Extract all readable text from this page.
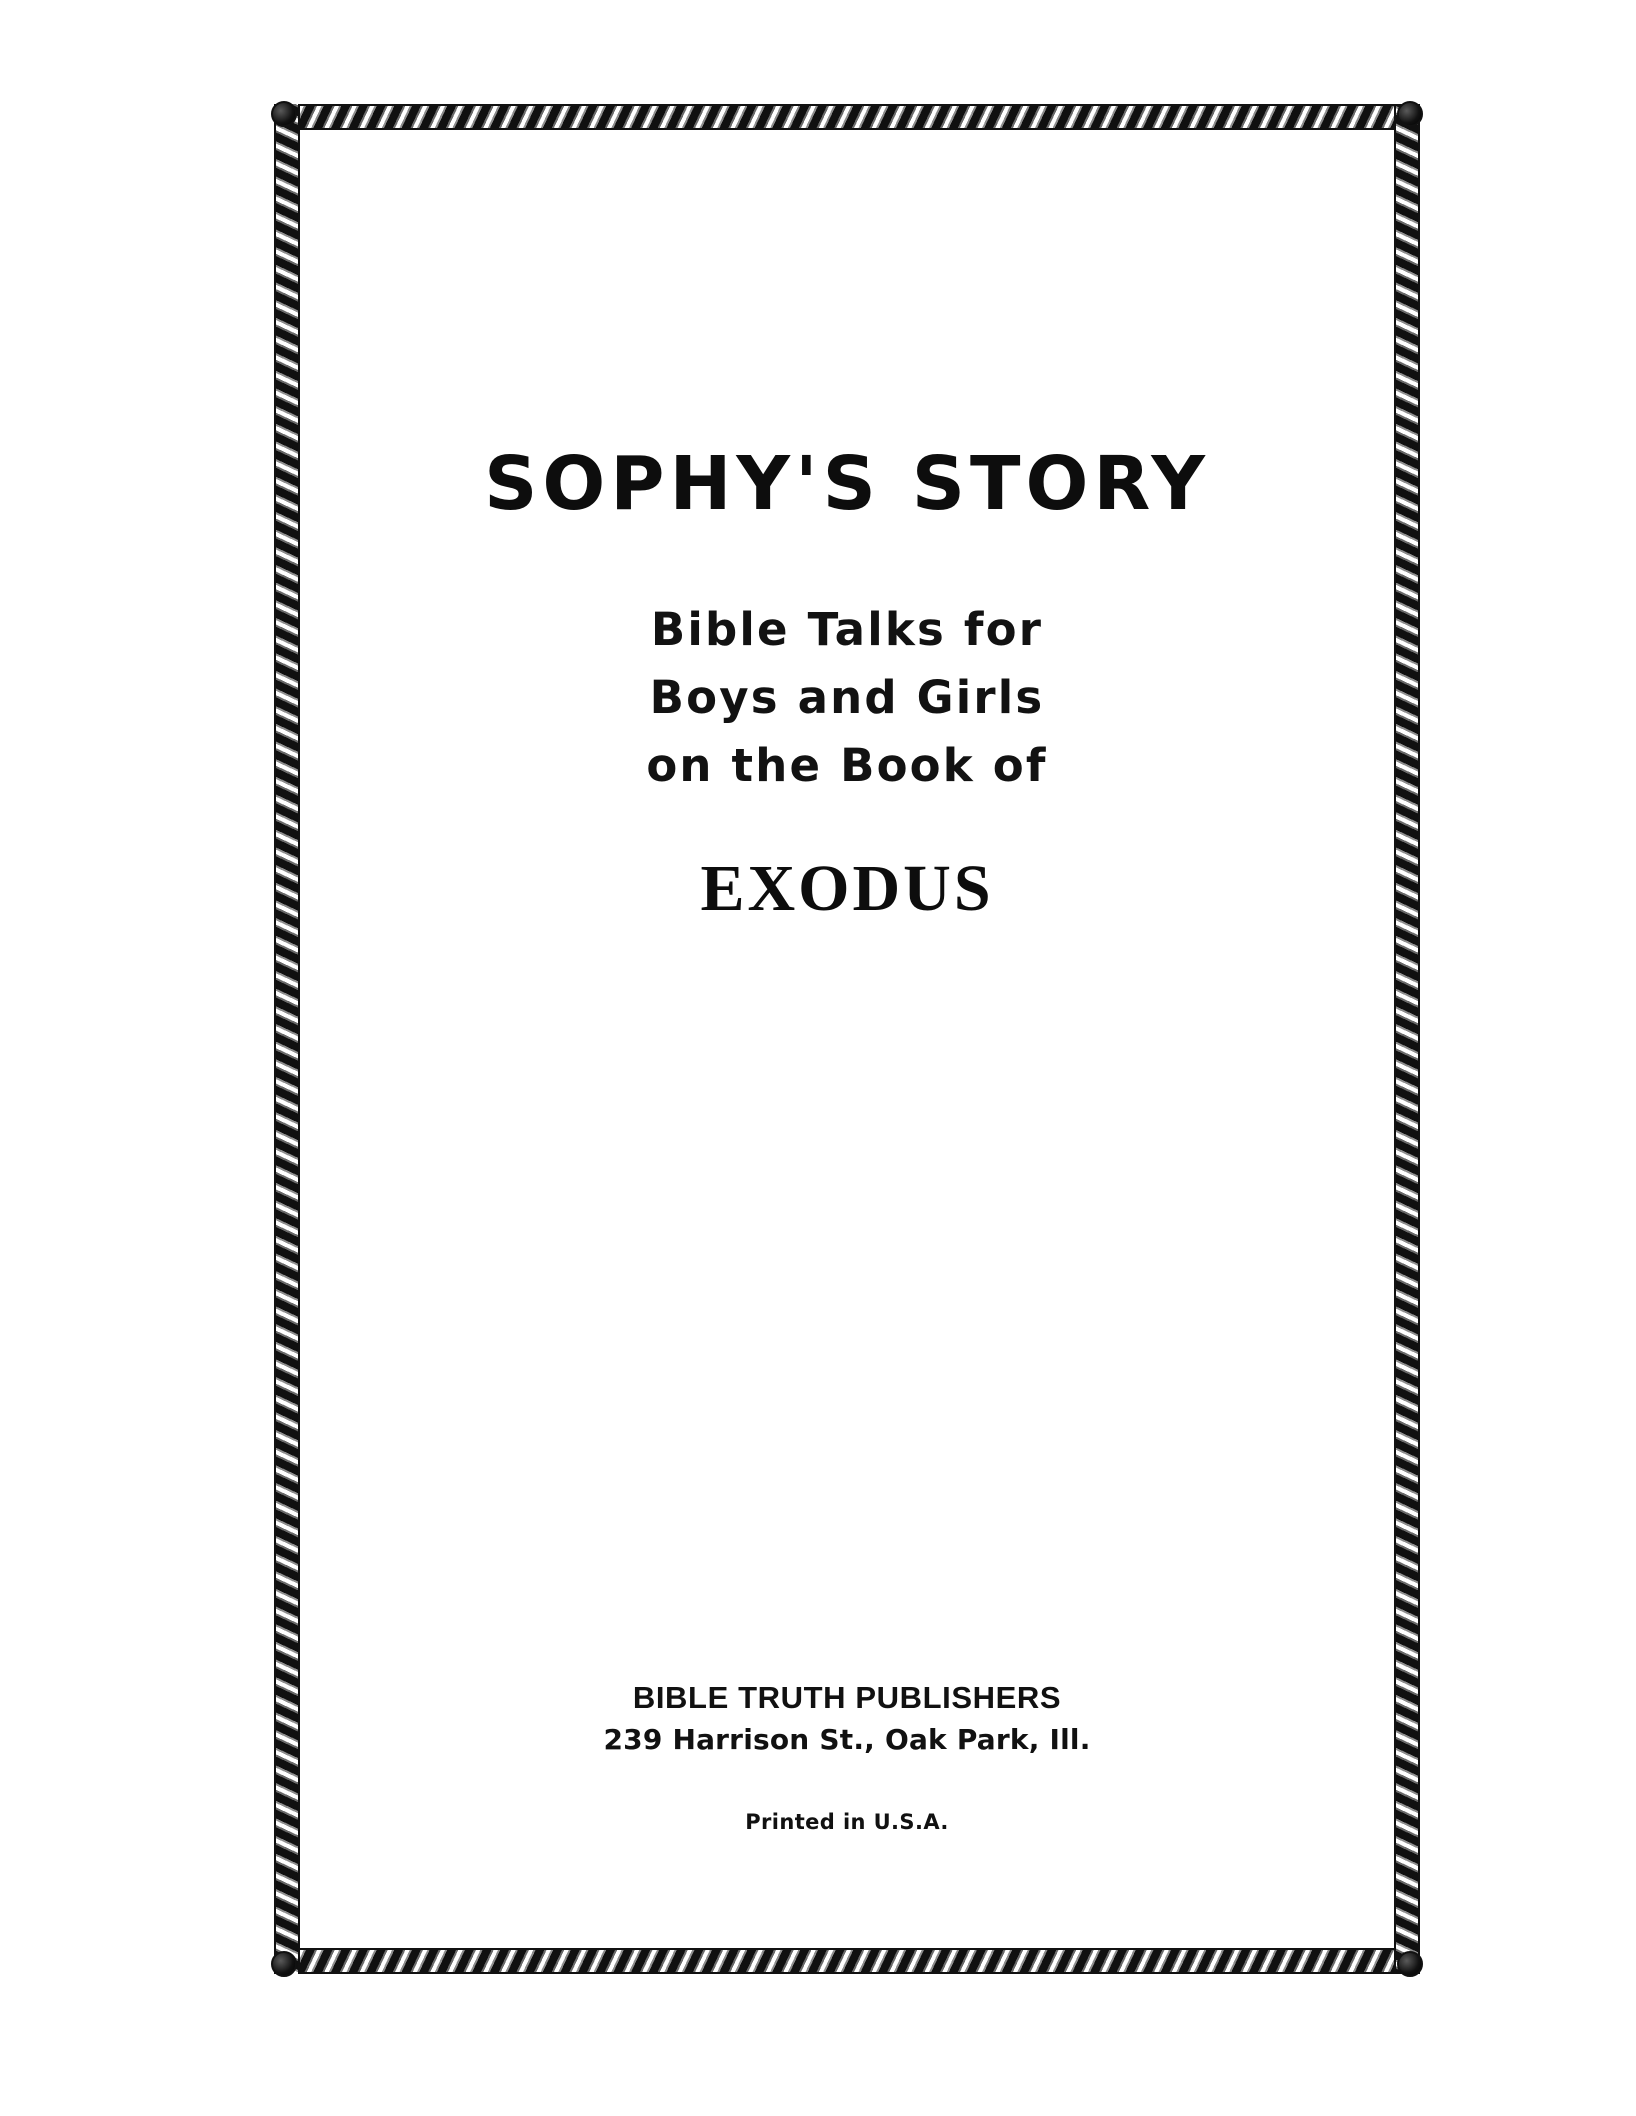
SOPHY'S STORY
Bible Talks for
Boys and Girls
on the Book of
EXODUS
BIBLE TRUTH PUBLISHERS
239 Harrison St., Oak Park, Ill.
Printed in U.S.A.
